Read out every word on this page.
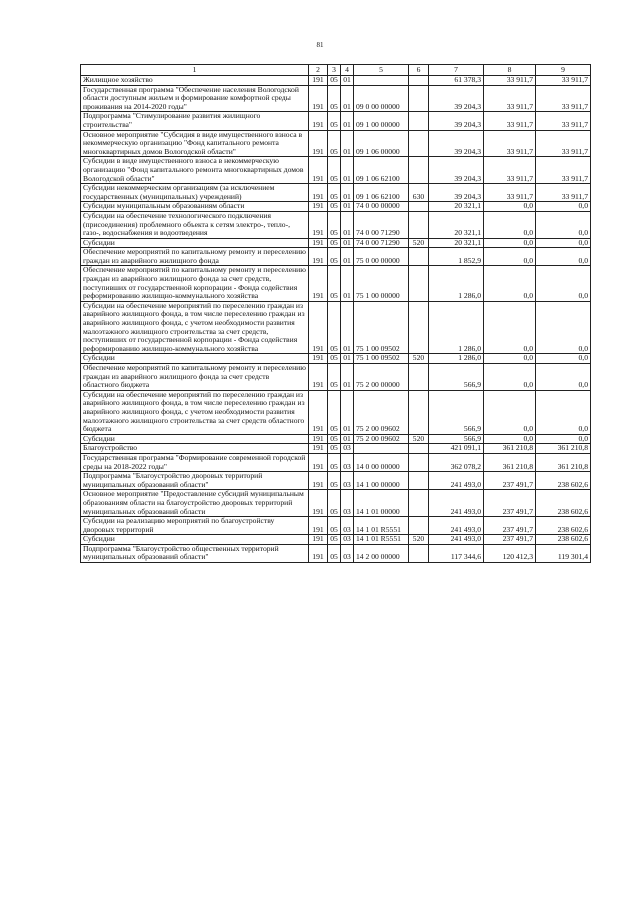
81
1	2	3	4	5	6	7	8	9
Жилищное хозяйство	191	05	01			61 378,3	33 911,7	33 911,7
Государственная программа "Обеспечение населения Вологодской области доступным жильем и формирование комфортной среды проживания на 2014-2020 годы"	191	05	01	09 0 00 00000		39 204,3	33 911,7	33 911,7
Подпрограмма "Стимулирование развития жилищного строительства"	191	05	01	09 1 00 00000		39 204,3	33 911,7	33 911,7
Основное мероприятие "Субсидия в виде имущественного взноса в некоммерческую организацию "Фонд капитального ремонта многоквартирных домов Вологодской области"	191	05	01	09 1 06 00000		39 204,3	33 911,7	33 911,7
Субсидии в виде имущественного взноса в некоммерческую организацию "Фонд капитального ремонта многоквартирных домов Вологодской области"	191	05	01	09 1 06 62100		39 204,3	33 911,7	33 911,7
Субсидии некоммерческим организациям (за исключением государственных (муниципальных) учреждений)	191	05	01	09 1 06 62100	630	39 204,3	33 911,7	33 911,7
Субсидии муниципальным образованиям области	191	05	01	74 0 00 00000		20 321,1	0,0	0,0
Субсидии на обеспечение технологического подключения (присоединения) проблемного объекта к сетям электро-, тепло-, газо-, водоснабжения и водоотведения	191	05	01	74 0 00 71290		20 321,1	0,0	0,0
Субсидии	191	05	01	74 0 00 71290	520	20 321,1	0,0	0,0
Обеспечение мероприятий по капитальному ремонту и переселению граждан из аварийного жилищного фонда	191	05	01	75 0 00 00000		1 852,9	0,0	0,0
Обеспечение мероприятий по капитальному ремонту и переселению граждан из аварийного жилищного фонда за счет средств, поступивших от государственной корпорации - Фонда содействия реформированию жилищно-коммунального хозяйства	191	05	01	75 1 00 00000		1 286,0	0,0	0,0
Субсидии на обеспечение мероприятий по переселению граждан из аварийного жилищного фонда, в том числе переселению граждан из аварийного жилищного фонда, с учетом необходимости развития малоэтажного жилищного строительства за счет средств, поступивших от государственной корпорации - Фонда содействия реформированию жилищно-коммунального хозяйства	191	05	01	75 1 00 09502		1 286,0	0,0	0,0
Субсидии	191	05	01	75 1 00 09502	520	1 286,0	0,0	0,0
Обеспечение мероприятий по капитальному ремонту и переселению граждан из аварийного жилищного фонда за счет средств областного бюджета	191	05	01	75 2 00 00000		566,9	0,0	0,0
Субсидии на обеспечение мероприятий по переселению граждан из аварийного жилищного фонда, в том числе переселению граждан из аварийного жилищного фонда, с учетом необходимости развития малоэтажного жилищного строительства за счет средств областного бюджета	191	05	01	75 2 00 09602		566,9	0,0	0,0
Субсидии	191	05	01	75 2 00 09602	520	566,9	0,0	0,0
Благоустройство	191	05	03			421 091,1	361 210,8	361 210,8
Государственная программа "Формирование современной городской среды на 2018-2022 годы"	191	05	03	14 0 00 00000		362 078,2	361 210,8	361 210,8
Подпрограмма "Благоустройство дворовых территорий муниципальных образований области"	191	05	03	14 1 00 00000		241 493,0	237 491,7	238 602,6
Основное мероприятие "Предоставление субсидий муниципальным образованиям области на благоустройство дворовых территорий муниципальных образований области	191	05	03	14 1 01 00000		241 493,0	237 491,7	238 602,6
Субсидии на реализацию мероприятий по благоустройству дворовых территорий	191	05	03	14 1 01 R5551		241 493,0	237 491,7	238 602,6
Субсидии	191	05	03	14 1 01 R5551	520	241 493,0	237 491,7	238 602,6
Подпрограмма "Благоустройство общественных территорий муниципальных образований области"	191	05	03	14 2 00 00000		117 344,6	120 412,3	119 301,4
